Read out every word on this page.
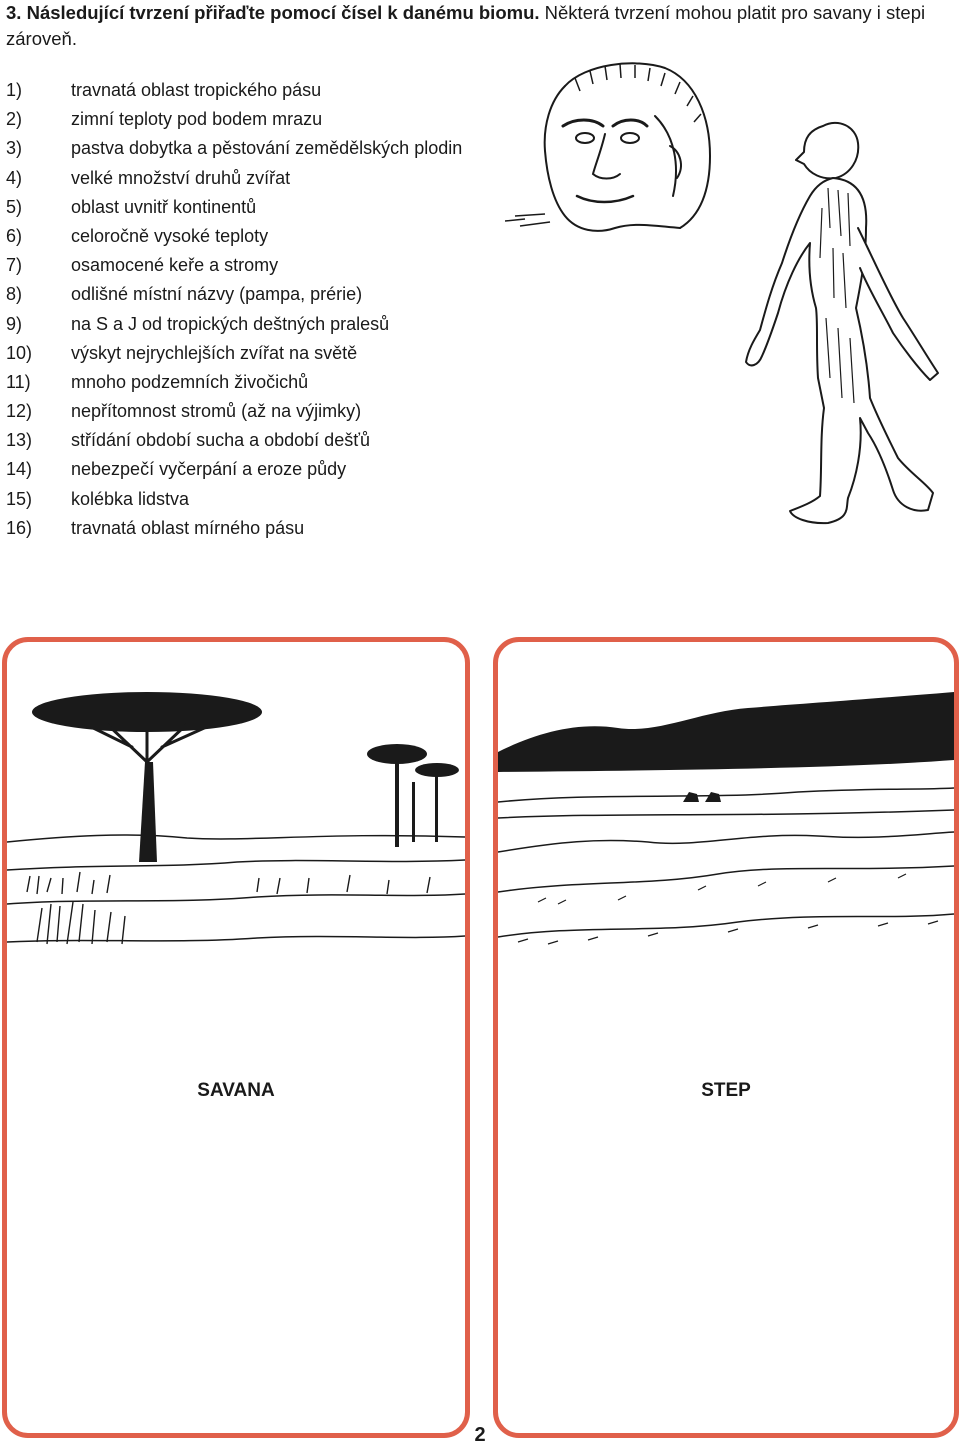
3. Následující tvrzení přiřaďte pomocí čísel k danému biomu. Některá tvrzení mohou platit pro savany i stepi zároveň.
1)	travnatá oblast tropického pásu
2)	zimní teploty pod bodem mrazu
3)	pastva dobytka a pěstování zemědělských plodin
4)	velké množství druhů zvířat
5)	oblast uvnitř kontinentů
6)	celoročně vysoké teploty
7)	osamocené keře a stromy
8)	odlišné místní názvy (pampa, prérie)
9)	na S a J od tropických deštných pralesů
10) výskyt nejrychlejších zvířat na světě
11) mnoho podzemních živočichů
12) nepřítomnost stromů (až na výjimky)
13) střídání období sucha a období dešťů
14) nebezpečí vyčerpání a eroze půdy
15) kolébka lidstva
16) travnatá oblast mírného pásu
SAVANA	STEP
2
